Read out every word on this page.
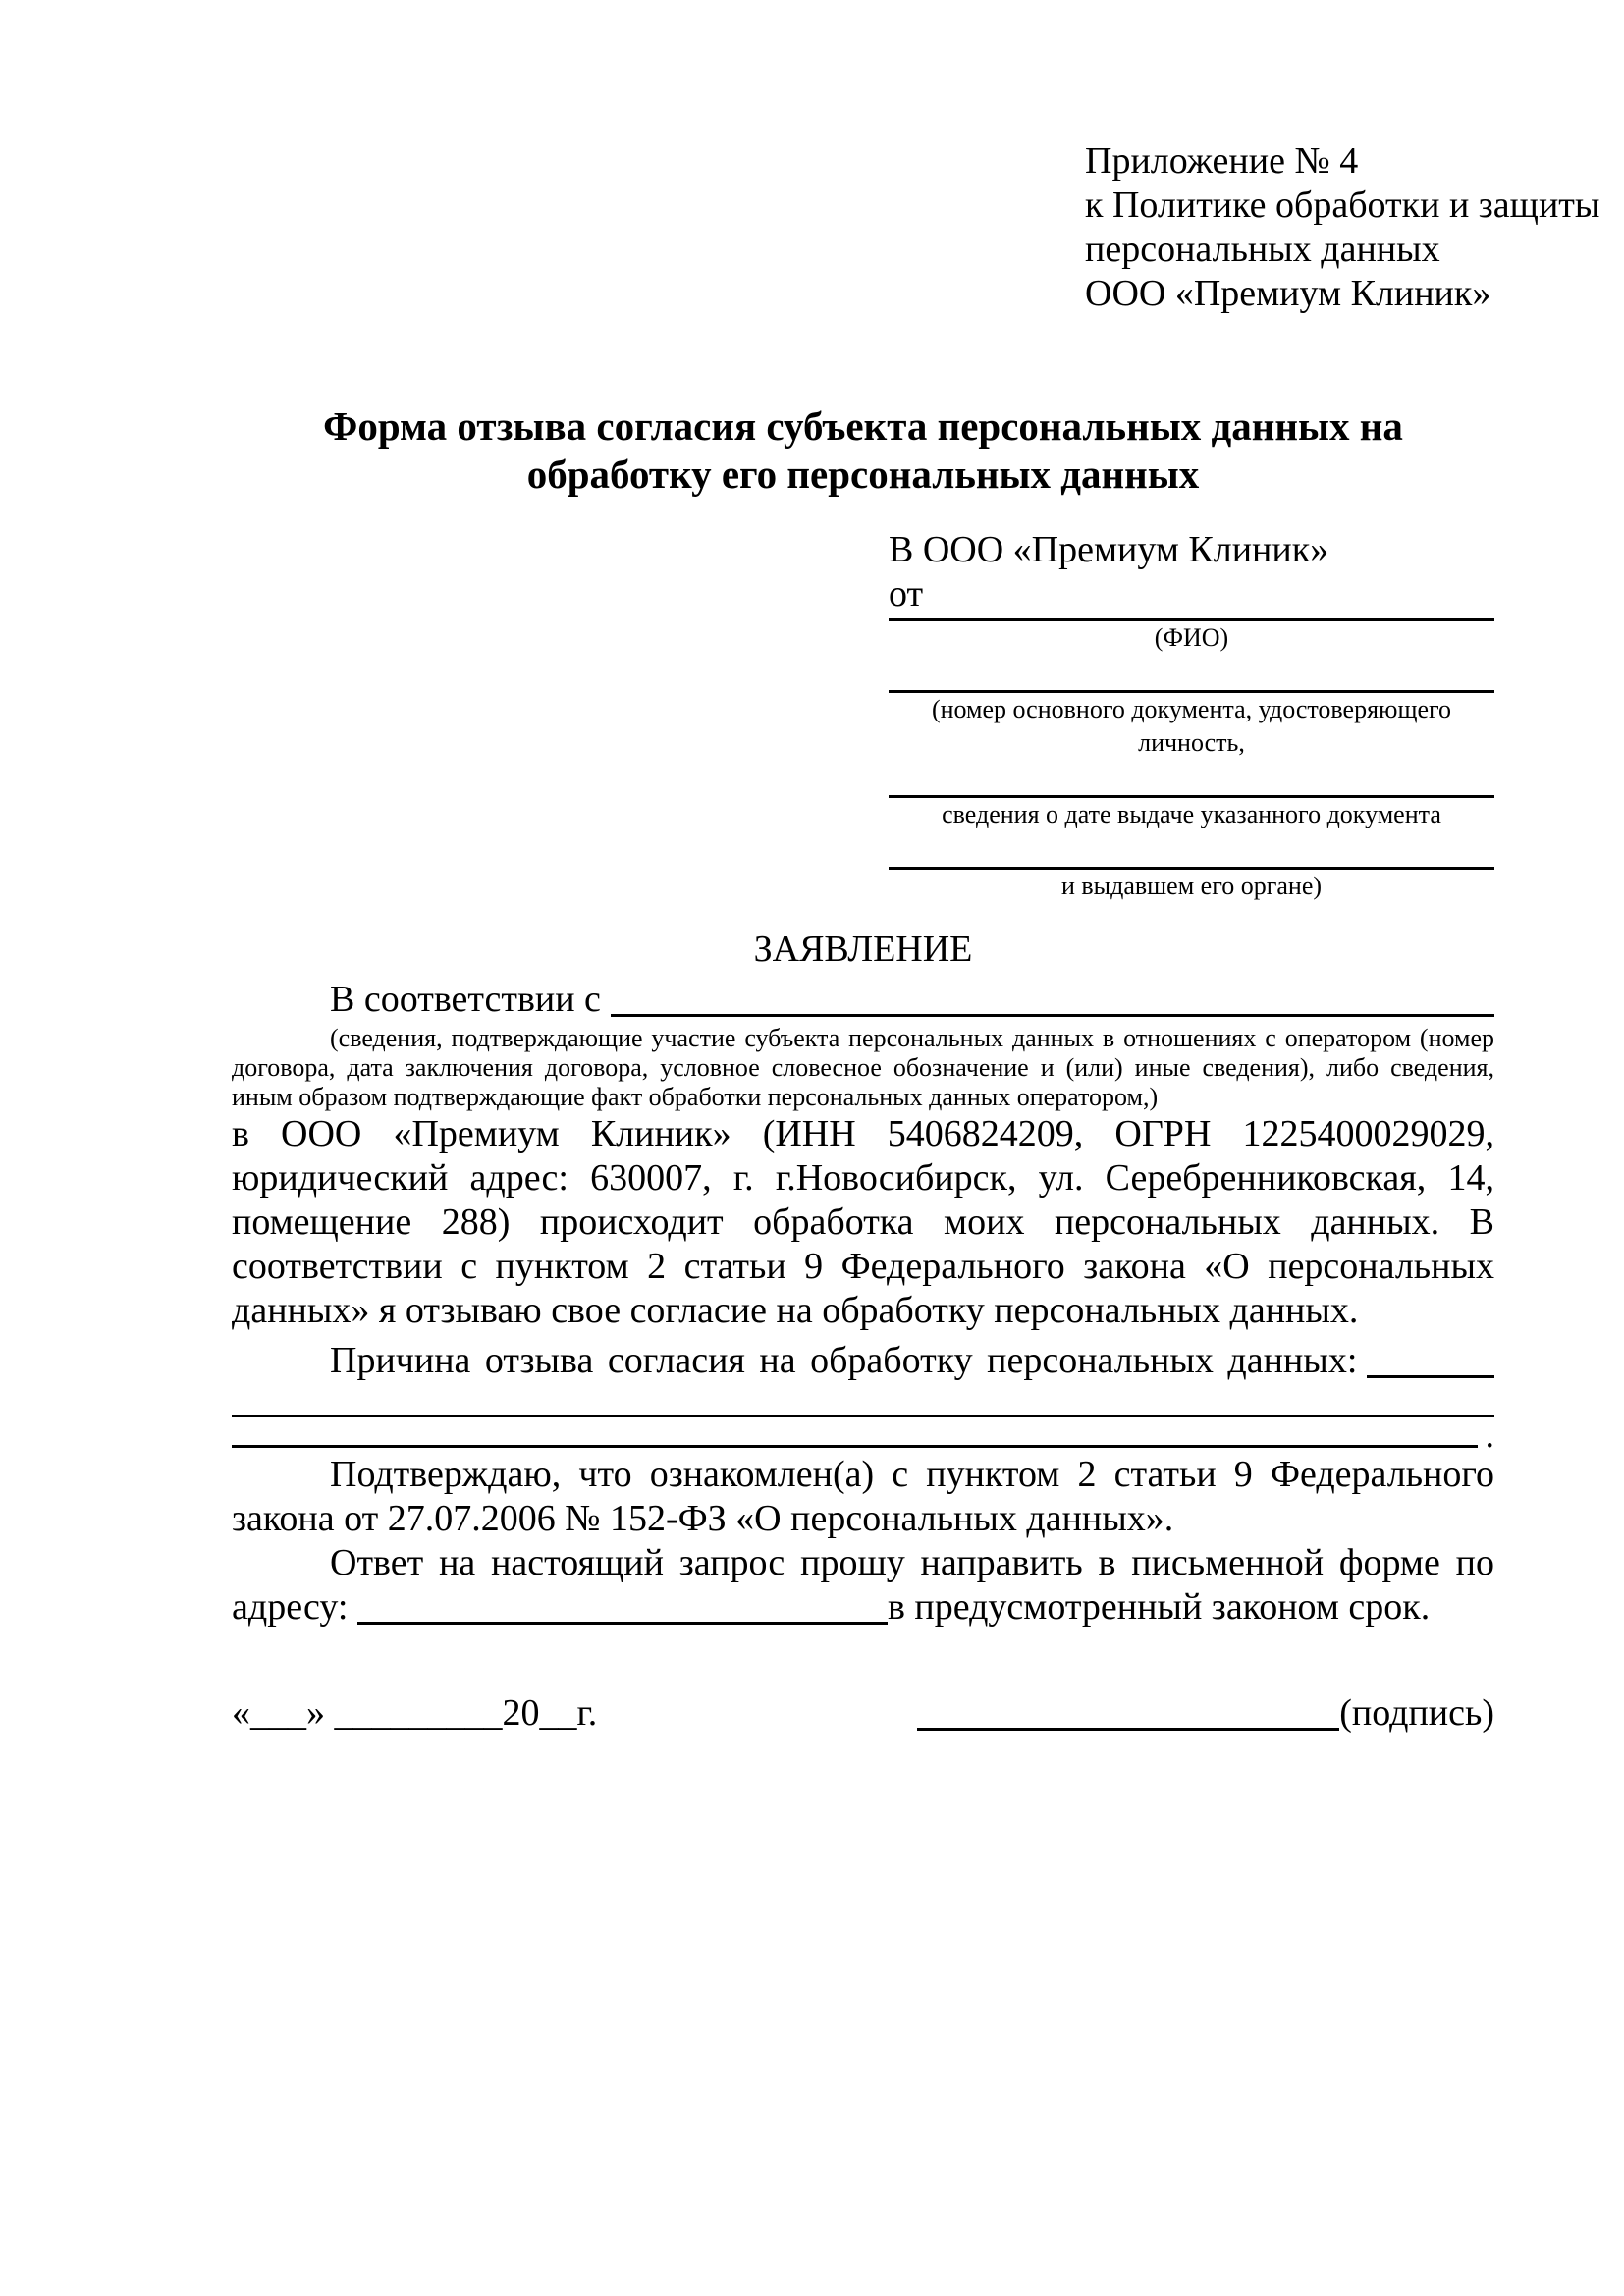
Приложение № 4
к Политике обработки и защиты
персональных данных
ООО «Премиум Клиник»
Форма отзыва согласия субъекта персональных данных на обработку его персональных данных
В ООО «Премиум Клиник»
от
(ФИО)
(номер основного документа, удостоверяющего личность,
сведения о дате выдаче указанного документа
и выдавшем его органе)
ЗАЯВЛЕНИЕ
В соответствии с
(сведения, подтверждающие участие субъекта персональных данных в отношениях с оператором (номер договора, дата заключения договора, условное словесное обозначение и (или) иные сведения), либо сведения, иным образом подтверждающие факт обработки персональных данных оператором,)
в ООО «Премиум Клиник» (ИНН 5406824209, ОГРН 1225400029029, юридический адрес: 630007, г. г.Новосибирск, ул. Серебренниковская, 14, помещение 288) происходит обработка моих персональных данных. В соответствии с пунктом 2 статьи 9 Федерального закона «О персональных данных» я отзываю свое согласие на обработку персональных данных.
Причина отзыва согласия на обработку персональных данных:
.
Подтверждаю, что ознакомлен(а) с пунктом 2 статьи 9 Федерального закона от 27.07.2006 № 152-ФЗ «О персональных данных».
Ответ на настоящий запрос прошу направить в письменной форме по адресу:	в предусмотренный законом срок.
«___» _________20__г.	(подпись)
